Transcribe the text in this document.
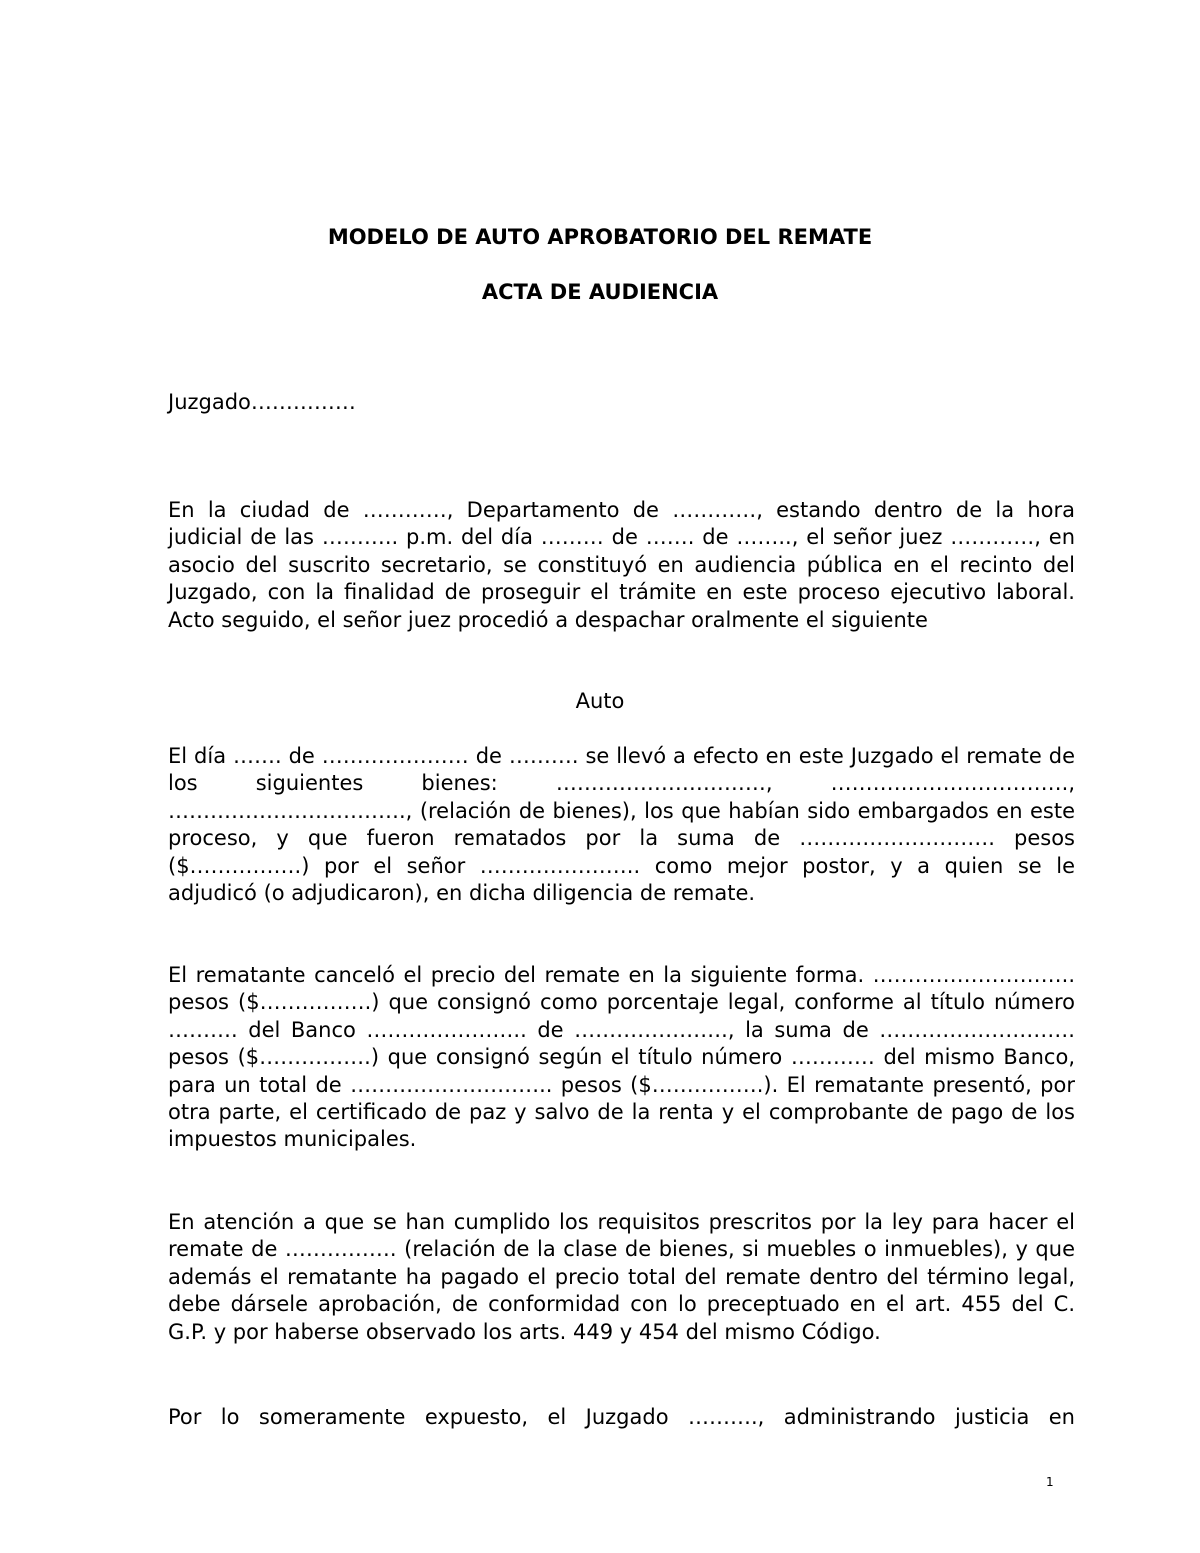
MODELO DE AUTO APROBATORIO DEL REMATE
ACTA DE AUDIENCIA

Juzgado……………

En la ciudad de …………, Departamento de …………, estando dentro de la hora judicial de las ……….. p.m. del día ……… de ……. de …….., el señor juez …………, en asocio del suscrito secretario, se constituyó en audiencia pública en el recinto del Juzgado, con la finalidad de proseguir el trámite en este proceso ejecutivo laboral. Acto seguido, el señor juez procedió a despachar oralmente el siguiente

Auto

El día ……. de ………………… de ………. se llevó a efecto en este Juzgado el remate de los siguientes bienes: …………………………, ……………………………., ……………………………., (relación de bienes), los que habían sido embargados en este proceso, y que fueron rematados por la suma de ………………………. pesos ($…………….) por el señor ………………….. como mejor postor, y a quien se le adjudicó (o adjudicaron), en dicha diligencia de remate.

El rematante canceló el precio del remate en la siguiente forma. ……………………….. pesos ($…………….) que consignó como porcentaje legal, conforme al título número ………. del Banco ………………….. de …………………., la suma de ………………………. pesos ($…………….) que consignó según el título número ………… del mismo Banco, para un total de ……………………….. pesos ($…………….). El rematante presentó, por otra parte, el certificado de paz y salvo de la renta y el comprobante de pago de los impuestos municipales.

En atención a que se han cumplido los requisitos prescritos por la ley para hacer el remate de ……………. (relación de la clase de bienes, si muebles o inmuebles), y que además el rematante ha pagado el precio total del remate dentro del término legal, debe dársele aprobación, de conformidad con lo preceptuado en el art. 455 del C. G.P. y por haberse observado los arts. 449 y 454 del mismo Código.

Por lo someramente expuesto, el Juzgado ………., administrando justicia en

1
